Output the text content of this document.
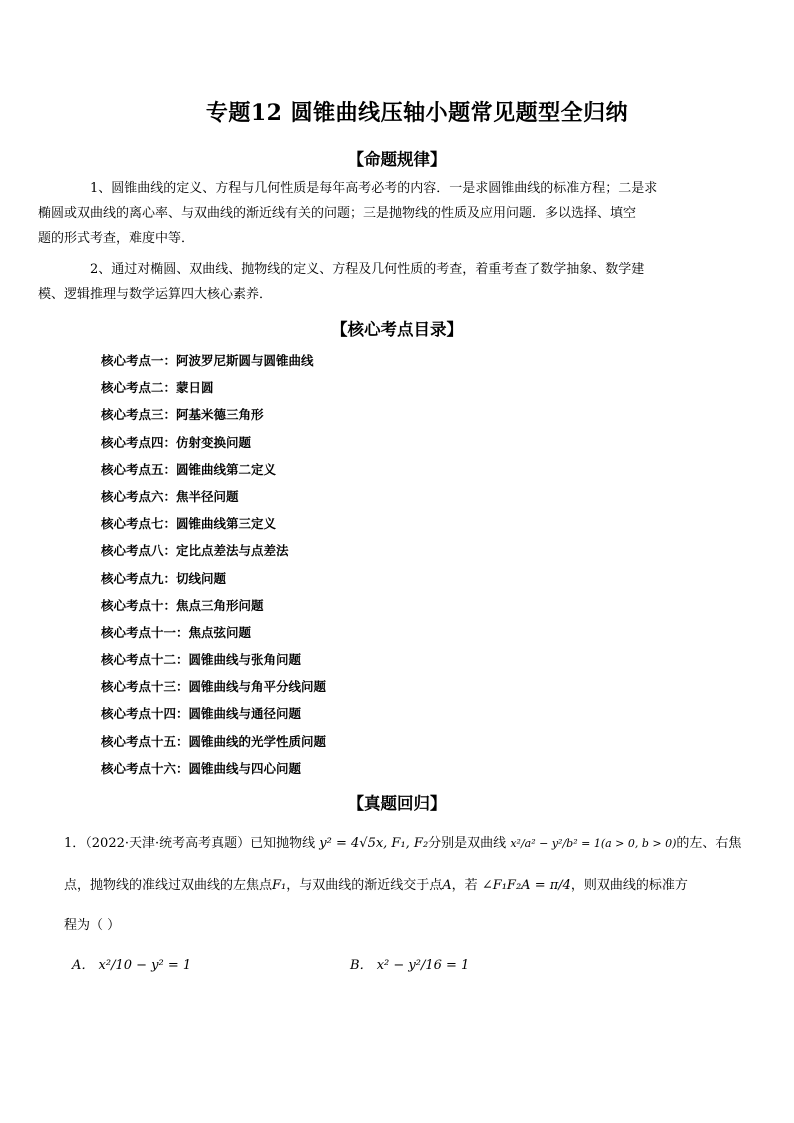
专题12 圆锥曲线压轴小题常见题型全归纳
【命题规律】
1、圆锥曲线的定义、方程与几何性质是每年高考必考的内容．一是求圆锥曲线的标准方程；二是求
椭圆或双曲线的离心率、与双曲线的渐近线有关的问题；三是抛物线的性质及应用问题．多以选择、填空
题的形式考查，难度中等．
2、通过对椭圆、双曲线、抛物线的定义、方程及几何性质的考查，着重考查了数学抽象、数学建
模、逻辑推理与数学运算四大核心素养．
【核心考点目录】
核心考点一：阿波罗尼斯圆与圆锥曲线
核心考点二：蒙日圆
核心考点三：阿基米德三角形
核心考点四：仿射变换问题
核心考点五：圆锥曲线第二定义
核心考点六：焦半径问题
核心考点七：圆锥曲线第三定义
核心考点八：定比点差法与点差法
核心考点九：切线问题
核心考点十：焦点三角形问题
核心考点十一：焦点弦问题
核心考点十二：圆锥曲线与张角问题
核心考点十三：圆锥曲线与角平分线问题
核心考点十四：圆锥曲线与通径问题
核心考点十五：圆锥曲线的光学性质问题
核心考点十六：圆锥曲线与四心问题
【真题回归】
1．（2022·天津·统考高考真题）已知抛物线 y² = 4√5x, F₁, F₂分别是双曲线 x²/a² − y²/b² = 1(a > 0, b > 0)的左、右焦
点，抛物线的准线过双曲线的左焦点F₁，与双曲线的渐近线交于点A，若 ∠F₁F₂A = π/4，则双曲线的标准方
程为（ ）
A． x²/10 − y² = 1	B． x² − y²/16 = 1
